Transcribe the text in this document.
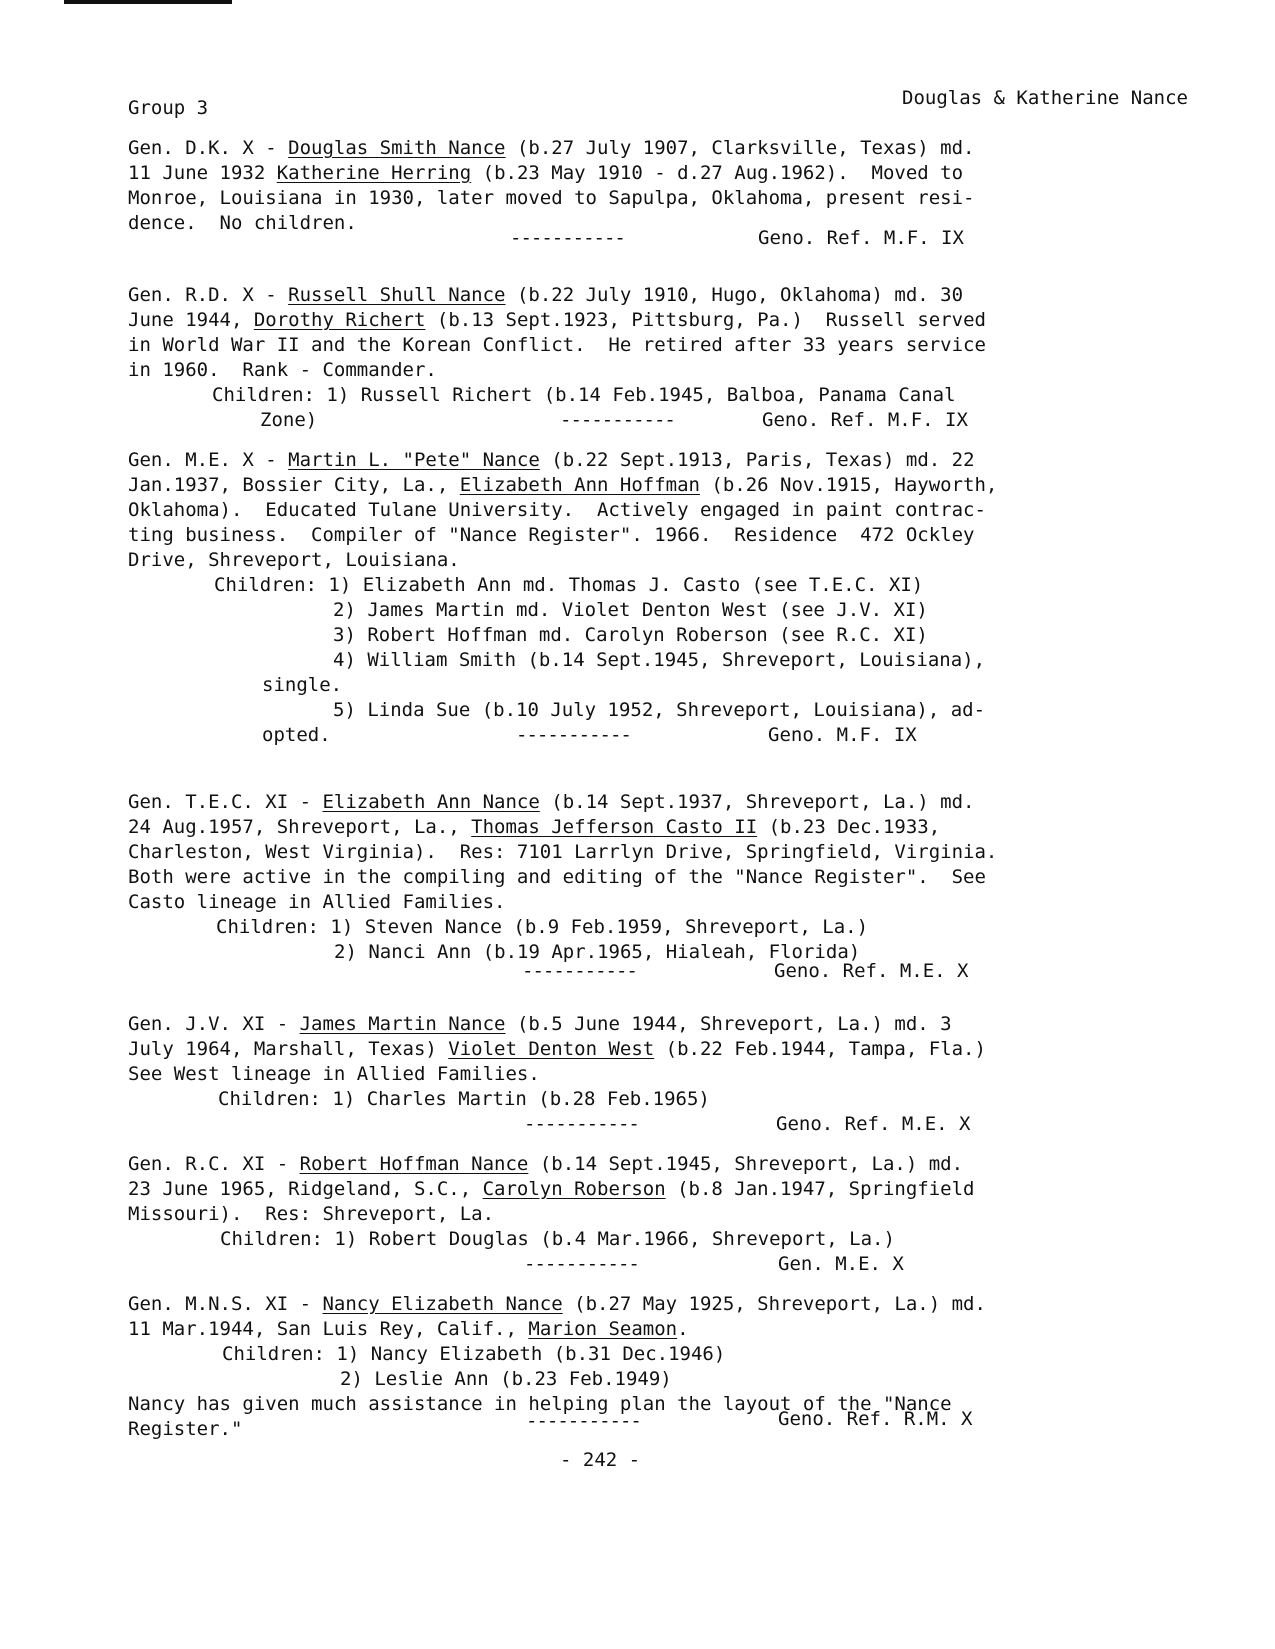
Group 3	Douglas & Katherine Nance
Gen. D.K. X - Douglas Smith Nance (b.27 July 1907, Clarksville, Texas) md.
11 June 1932 Katherine Herring (b.23 May 1910 - d.27 Aug.1962).  Moved to
Monroe, Louisiana in 1930, later moved to Sapulpa, Oklahoma, present resi-
dence.  No children.
-----------	Geno. Ref. M.F. IX
Gen. R.D. X - Russell Shull Nance (b.22 July 1910, Hugo, Oklahoma) md. 30
June 1944, Dorothy Richert (b.13 Sept.1923, Pittsburg, Pa.)  Russell served
in World War II and the Korean Conflict.  He retired after 33 years service
in 1960.  Rank - Commander.
Children: 1) Russell Richert (b.14 Feb.1945, Balboa, Panama Canal
Zone)	-----------	Geno. Ref. M.F. IX
Gen. M.E. X - Martin L. "Pete" Nance (b.22 Sept.1913, Paris, Texas) md. 22
Jan.1937, Bossier City, La., Elizabeth Ann Hoffman (b.26 Nov.1915, Hayworth,
Oklahoma).  Educated Tulane University.  Actively engaged in paint contrac-
ting business.  Compiler of "Nance Register". 1966.  Residence  472 Ockley
Drive, Shreveport, Louisiana.
Children: 1) Elizabeth Ann md. Thomas J. Casto (see T.E.C. XI)
2) James Martin md. Violet Denton West (see J.V. XI)
3) Robert Hoffman md. Carolyn Roberson (see R.C. XI)
4) William Smith (b.14 Sept.1945, Shreveport, Louisiana),
single.
5) Linda Sue (b.10 July 1952, Shreveport, Louisiana), ad-
opted.	-----------	Geno. M.F. IX
Gen. T.E.C. XI - Elizabeth Ann Nance (b.14 Sept.1937, Shreveport, La.) md.
24 Aug.1957, Shreveport, La., Thomas Jefferson Casto II (b.23 Dec.1933,
Charleston, West Virginia).  Res: 7101 Larrlyn Drive, Springfield, Virginia.
Both were active in the compiling and editing of the "Nance Register".  See
Casto lineage in Allied Families.
Children: 1) Steven Nance (b.9 Feb.1959, Shreveport, La.)
2) Nanci Ann (b.19 Apr.1965, Hialeah, Florida)
-----------	Geno. Ref. M.E. X
Gen. J.V. XI - James Martin Nance (b.5 June 1944, Shreveport, La.) md. 3
July 1964, Marshall, Texas) Violet Denton West (b.22 Feb.1944, Tampa, Fla.)
See West lineage in Allied Families.
Children: 1) Charles Martin (b.28 Feb.1965)
-----------	Geno. Ref. M.E. X
Gen. R.C. XI - Robert Hoffman Nance (b.14 Sept.1945, Shreveport, La.) md.
23 June 1965, Ridgeland, S.C., Carolyn Roberson (b.8 Jan.1947, Springfield
Missouri).  Res: Shreveport, La.
Children: 1) Robert Douglas (b.4 Mar.1966, Shreveport, La.)
-----------	Gen. M.E. X
Gen. M.N.S. XI - Nancy Elizabeth Nance (b.27 May 1925, Shreveport, La.) md.
11 Mar.1944, San Luis Rey, Calif., Marion Seamon.
Children: 1) Nancy Elizabeth (b.31 Dec.1946)
2) Leslie Ann (b.23 Feb.1949)
Nancy has given much assistance in helping plan the layout of the "Nance
Register."	-----------	Geno. Ref. R.M. X
- 242 -
